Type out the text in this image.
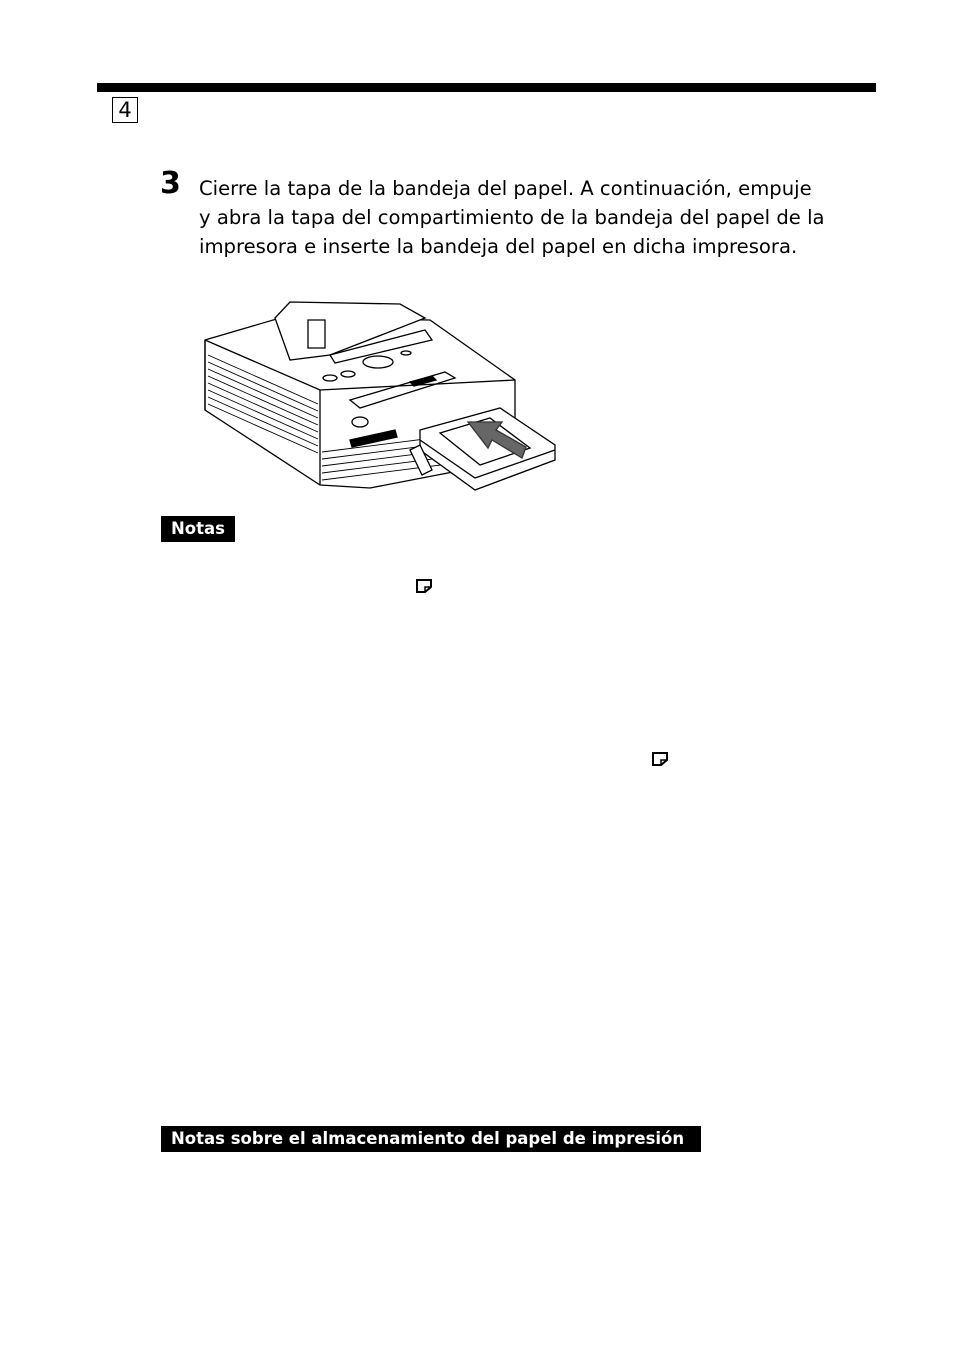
4
3 Cierre la tapa de la bandeja del papel. A continuación, empuje
y abra la tapa del compartimiento de la bandeja del papel de la
impresora e inserte la bandeja del papel en dicha impresora.

Notas
Notas sobre el almacenamiento del papel de impresión
